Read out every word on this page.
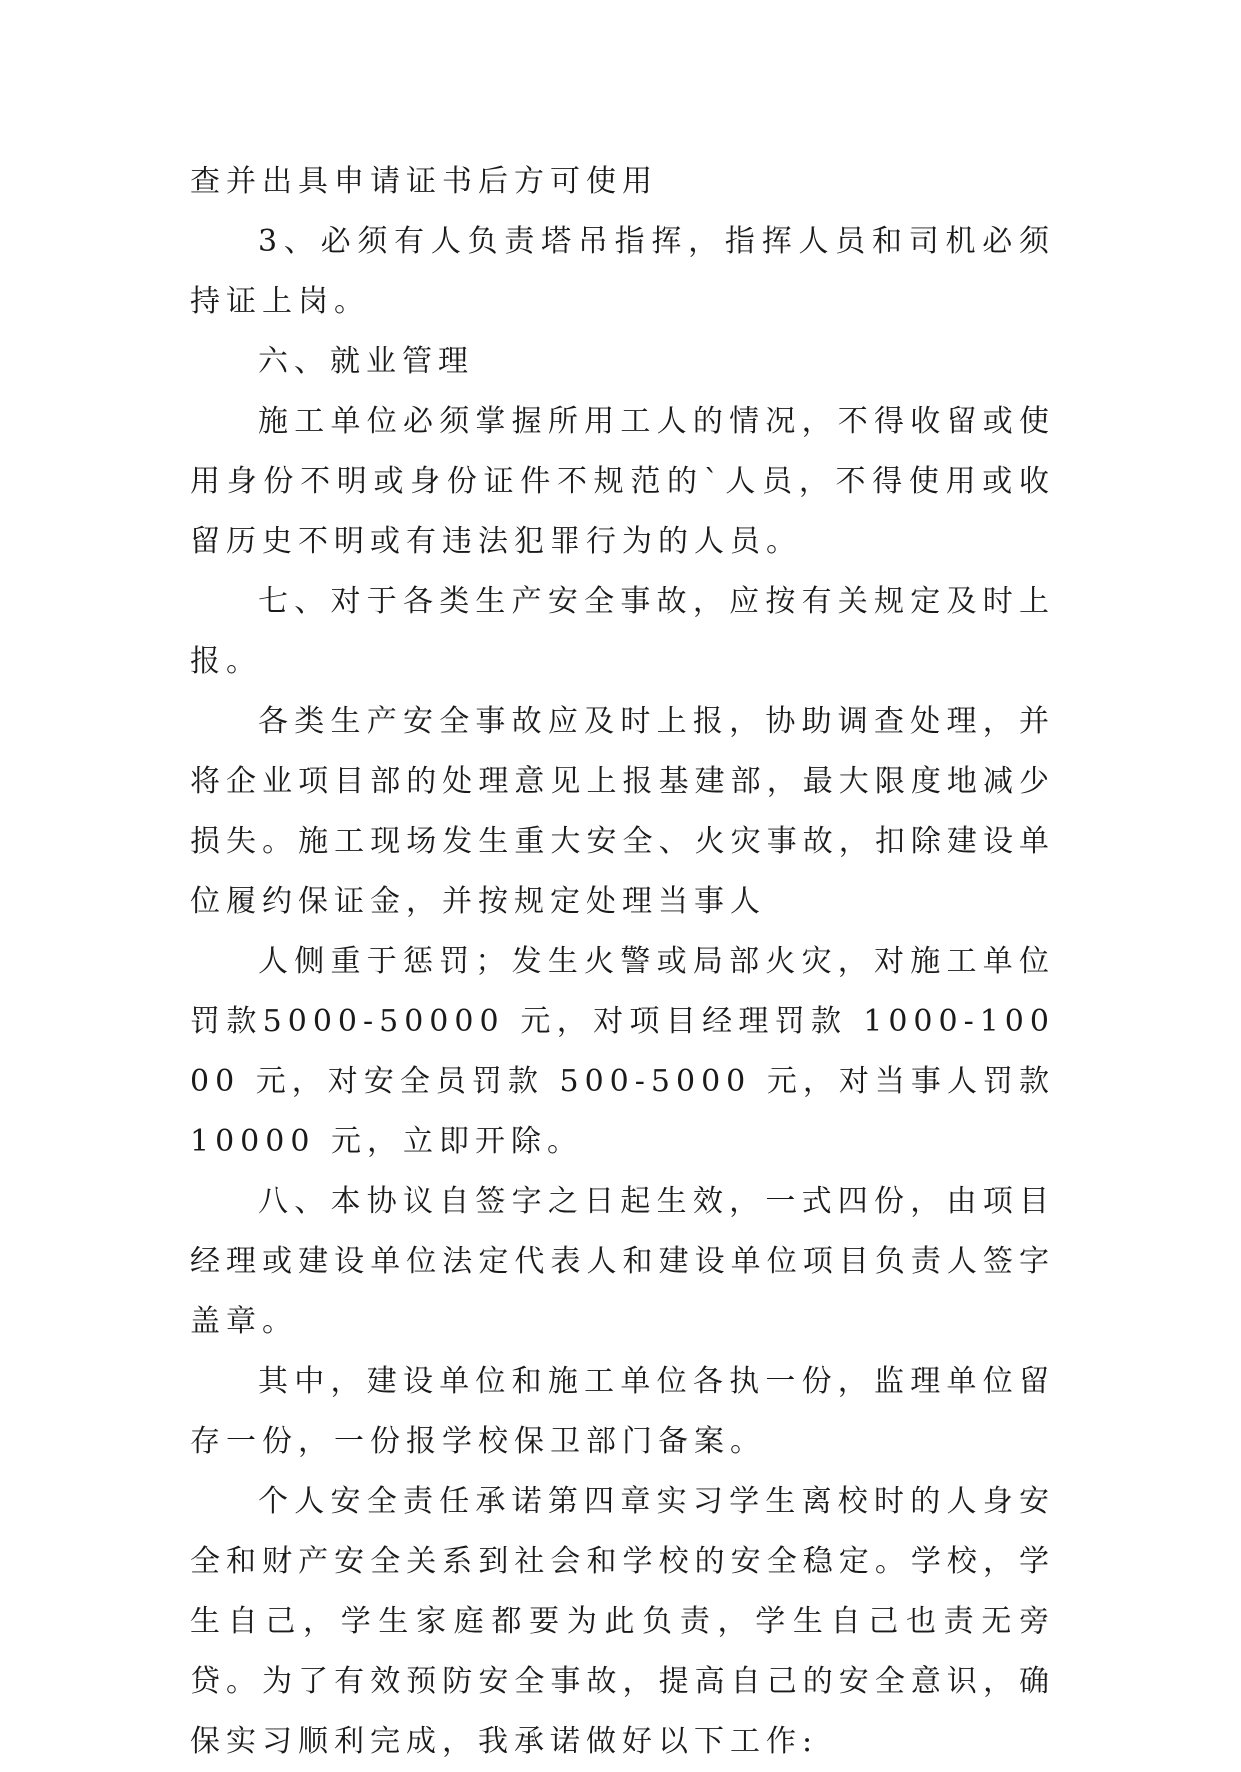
查并出具申请证书后方可使用

3、必须有人负责塔吊指挥，指挥人员和司机必须持证上岗。

六、就业管理

施工单位必须掌握所用工人的情况，不得收留或使用身份不明或身份证件不规范的`人员，不得使用或收留历史不明或有违法犯罪行为的人员。

七、对于各类生产安全事故，应按有关规定及时上报。

各类生产安全事故应及时上报，协助调查处理，并将企业项目部的处理意见上报基建部，最大限度地减少损失。施工现场发生重大安全、火灾事故，扣除建设单位履约保证金，并按规定处理当事人

人侧重于惩罚；发生火警或局部火灾，对施工单位罚款5000-50000 元，对项目经理罚款 1000-10000 元，对安全员罚款 500-5000 元，对当事人罚款 10000 元，立即开除。

八、本协议自签字之日起生效，一式四份，由项目经理或建设单位法定代表人和建设单位项目负责人签字盖章。

其中，建设单位和施工单位各执一份，监理单位留存一份，一份报学校保卫部门备案。

个人安全责任承诺第四章实习学生离校时的人身安全和财产安全关系到社会和学校的安全稳定。学校，学生自己，学生家庭都要为此负责，学生自己也责无旁贷。为了有效预防安全事故，提高自己的安全意识，确保实习顺利完成，我承诺做好以下工作:
